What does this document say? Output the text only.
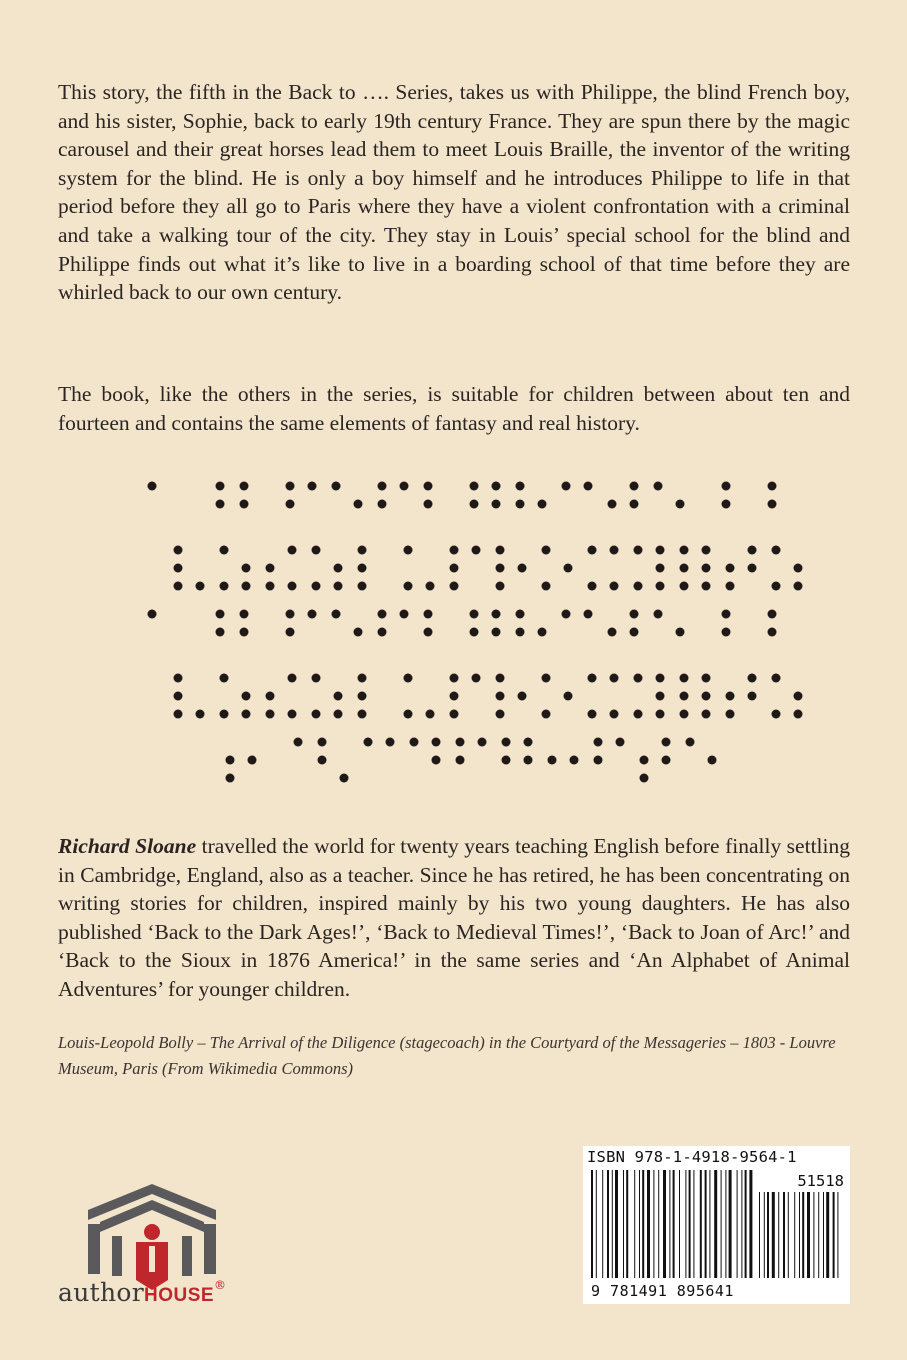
This story, the fifth in the Back to …. Series, takes us with Philippe, the blind French boy, and his sister, Sophie, back to early 19th century France. They are spun there by the magic carousel and their great horses lead them to meet Louis Braille, the inventor of the writing system for the blind. He is only a boy himself and he introduces Philippe to life in that period before they all go to Paris where they have a violent confrontation with a criminal and take a walking tour of the city. They stay in Louis’ special school for the blind and Philippe finds out what it’s like to live in a boarding school of that time before they are whirled back to our own century.

The book, like the others in the series, is suitable for children between about ten and fourteen and contains the same elements of fantasy and real history.

Richard Sloane travelled the world for twenty years teaching English before finally settling in Cambridge, England, also as a teacher. Since he has retired, he has been concentrating on writing stories for children, inspired mainly by his two young daughters. He has also published ‘Back to the Dark Ages!’, ‘Back to Medieval Times!’, ‘Back to Joan of Arc!’ and ‘Back to the Sioux in 1876 America!’ in the same series and ‘An Alphabet of Animal Adventures’ for younger children.

Louis-Leopold Bolly – The Arrival of the Diligence (stagecoach) in the Courtyard of the Messageries – 1803 - Louvre Museum, Paris (From Wikimedia Commons)

authorHOUSE®
ISBN 978-1-4918-9564-1
51518
9 781491 895641
